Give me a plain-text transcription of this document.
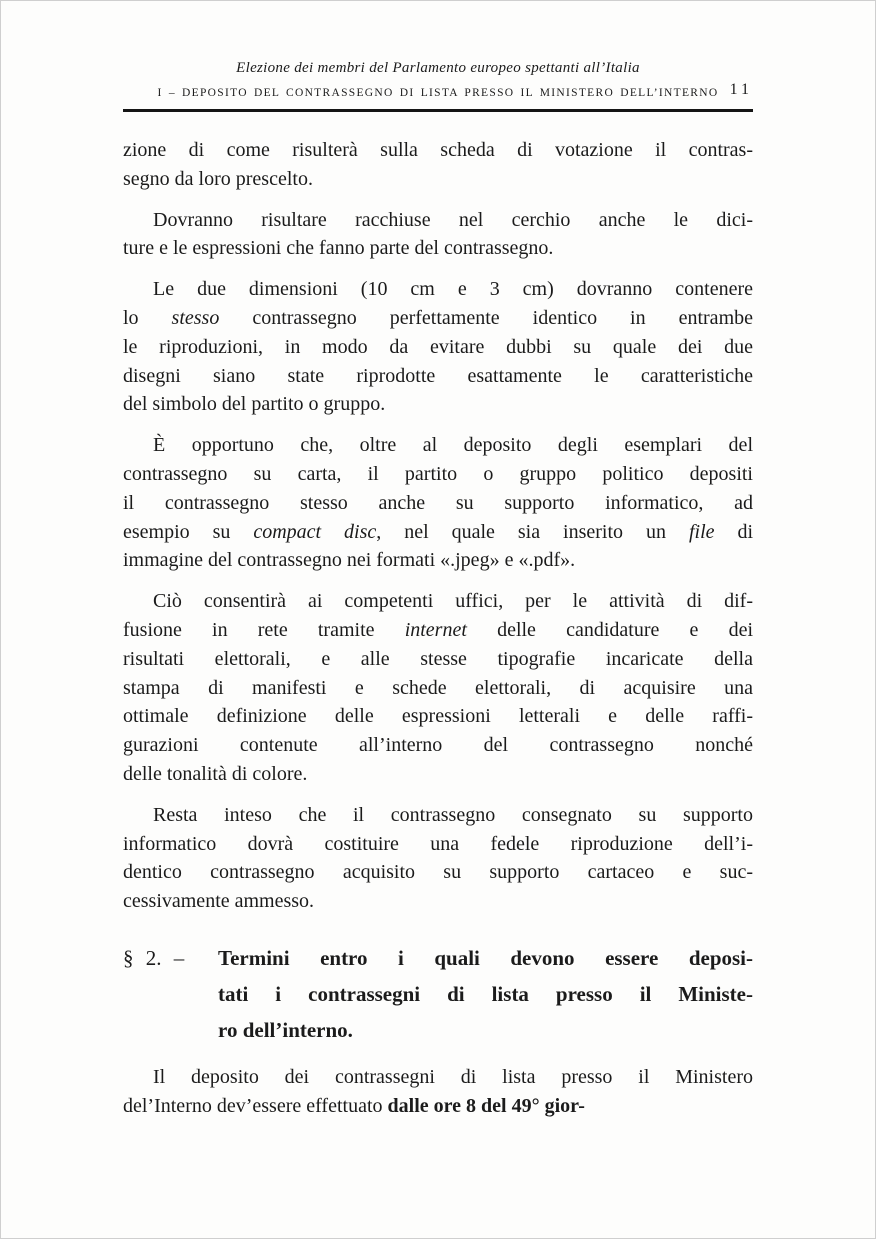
Elezione dei membri del Parlamento europeo spettanti all’Italia
I – DEPOSITO DEL CONTRASSEGNO DI LISTA PRESSO IL MINISTERO DELL’INTERNO 11
zione di come risulterà sulla scheda di votazione il contras-
segno da loro prescelto.
Dovranno risultare racchiuse nel cerchio anche le dici-
ture e le espressioni che fanno parte del contrassegno.
Le due dimensioni (10 cm e 3 cm) dovranno contenere
lo stesso contrassegno perfettamente identico in entrambe
le riproduzioni, in modo da evitare dubbi su quale dei due
disegni siano state riprodotte esattamente le caratteristiche
del simbolo del partito o gruppo.
È opportuno che, oltre al deposito degli esemplari del
contrassegno su carta, il partito o gruppo politico depositi
il contrassegno stesso anche su supporto informatico, ad
esempio su compact disc, nel quale sia inserito un file di
immagine del contrassegno nei formati «.jpeg» e «.pdf».
Ciò consentirà ai competenti uffici, per le attività di dif-
fusione in rete tramite internet delle candidature e dei
risultati elettorali, e alle stesse tipografie incaricate della
stampa di manifesti e schede elettorali, di acquisire una
ottimale definizione delle espressioni letterali e delle raffi-
gurazioni contenute all’interno del contrassegno nonché
delle tonalità di colore.
Resta inteso che il contrassegno consegnato su supporto
informatico dovrà costituire una fedele riproduzione dell’i-
dentico contrassegno acquisito su supporto cartaceo e suc-
cessivamente ammesso.
§ 2. –	Termini entro i quali devono essere deposi-
tati i contrassegni di lista presso il Ministe-
ro dell’interno.
Il deposito dei contrassegni di lista presso il Ministero
del’Interno dev’essere effettuato dalle ore 8 del 49° gior-
